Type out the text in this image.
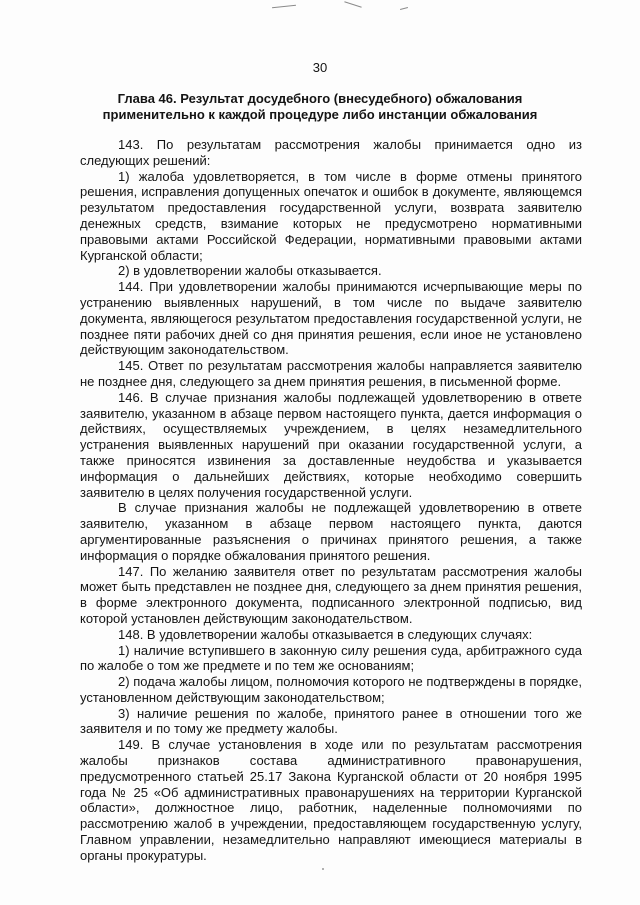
30
Глава 46. Результат досудебного (внесудебного) обжалования применительно к каждой процедуре либо инстанции обжалования

143. По результатам рассмотрения жалобы принимается одно из следующих решений:

1) жалоба удовлетворяется, в том числе в форме отмены принятого решения, исправления допущенных опечаток и ошибок в документе, являющемся результатом предоставления государственной услуги, возврата заявителю денежных средств, взимание которых не предусмотрено нормативными правовыми актами Российской Федерации, нормативными правовыми актами Курганской области;

2) в удовлетворении жалобы отказывается.

144. При удовлетворении жалобы принимаются исчерпывающие меры по устранению выявленных нарушений, в том числе по выдаче заявителю документа, являющегося результатом предоставления государственной услуги, не позднее пяти рабочих дней со дня принятия решения, если иное не установлено действующим законодательством.

145. Ответ по результатам рассмотрения жалобы направляется заявителю не позднее дня, следующего за днем принятия решения, в письменной форме.

146. В случае признания жалобы подлежащей удовлетворению в ответе заявителю, указанном в абзаце первом настоящего пункта, дается информация о действиях, осуществляемых учреждением, в целях незамедлительного устранения выявленных нарушений при оказании государственной услуги, а также приносятся извинения за доставленные неудобства и указывается информация о дальнейших действиях, которые необходимо совершить заявителю в целях получения государственной услуги.

В случае признания жалобы не подлежащей удовлетворению в ответе заявителю, указанном в абзаце первом настоящего пункта, даются аргументированные разъяснения о причинах принятого решения, а также информация о порядке обжалования принятого решения.

147. По желанию заявителя ответ по результатам рассмотрения жалобы может быть представлен не позднее дня, следующего за днем принятия решения, в форме электронного документа, подписанного электронной подписью, вид которой установлен действующим законодательством.

148. В удовлетворении жалобы отказывается в следующих случаях:

1) наличие вступившего в законную силу решения суда, арбитражного суда по жалобе о том же предмете и по тем же основаниям;

2) подача жалобы лицом, полномочия которого не подтверждены в порядке, установленном действующим законодательством;

3) наличие решения по жалобе, принятого ранее в отношении того же заявителя и по тому же предмету жалобы.

149. В случае установления в ходе или по результатам рассмотрения жалобы признаков состава административного правонарушения, предусмотренного статьей 25.17 Закона Курганской области от 20 ноября 1995 года № 25 «Об административных правонарушениях на территории Курганской области», должностное лицо, работник, наделенные полномочиями по рассмотрению жалоб в учреждении, предоставляющем государственную услугу, Главном управлении, незамедлительно направляют имеющиеся материалы в органы прокуратуры.
